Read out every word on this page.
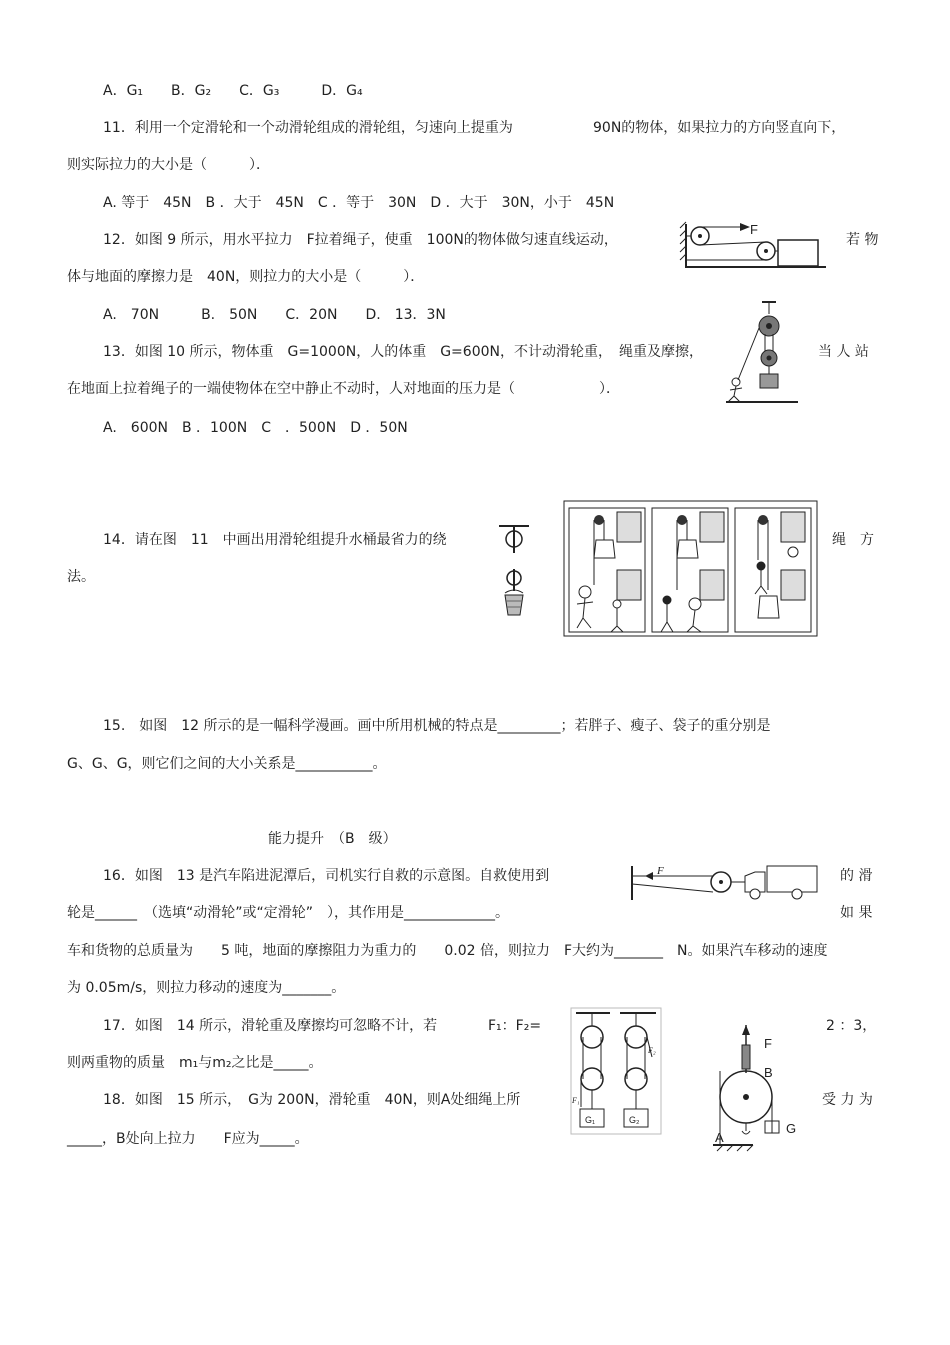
A．G₁　　B．G₂　　C．G₃　　　D．G₄
11．利用一个定滑轮和一个动滑轮组成的滑轮组，匀速向上提重为	90N的物体，如果拉力的方向竖直向下，
则实际拉力的大小是（　　　）．
A. 等于　45N　B ．大于　45N　C ．等于　30N　D ．大于　30N，小于　45N
12．如图 9 所示，用水平拉力　F拉着绳子，使重　100N的物体做匀速直线运动，	若 物
体与地面的摩擦力是　40N，则拉力的大小是（　　　）．
A.　70N　　　B.　50N　　C．20N　　D.　13．3N
13．如图 10 所示，物体重　G=1000N，人的体重　G=600N，不计动滑轮重，　绳重及摩擦，	当 人 站
在地面上拉着绳子的一端使物体在空中静止不动时，人对地面的压力是（　　　　　　）．
A.　600N　B ．100N　C　．500N　D ．50N
14．请在图　11　中画出用滑轮组提升水桶最省力的绕	绳　方
法。
15.　如图　12 所示的是一幅科学漫画。画中所用机械的特点是_________；若胖子、瘦子、袋子的重分别是
G、G、G，则它们之间的大小关系是___________。
能力提升　（B　级）
16．如图　13 是汽车陷进泥潭后，司机实行自救的示意图。自救使用到	的 滑
轮是______　（选填“动滑轮”或“定滑轮”　），其作用是_____________。	如 果
车和货物的总质量为　　5 吨，地面的摩擦阻力为重力的　　0.02 倍，则拉力　F大约为_______　N。如果汽车移动的速度
为 0.05m/s，则拉力移动的速度为_______。
17．如图　14 所示，滑轮重及摩擦均可忽略不计，若	F₁：F₂=	2 ：3，
则两重物的质量　m₁与m₂之比是_____。
18．如图　15 所示，　G为 200N，滑轮重　40N，则A处细绳上所	受 力 为
_____，B处向上拉力　　F应为_____。
F
F
G₁	G₂
F₁
F₂	F
B
A
G
